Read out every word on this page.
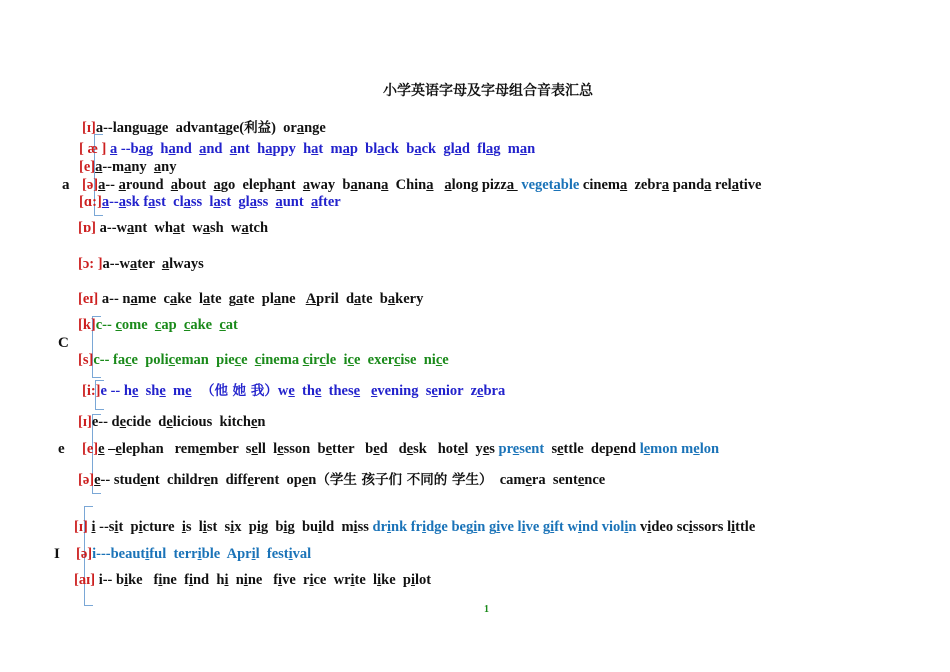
小学英语字母及字母组合音表汇总
a
C
e
I
[ɪ]a--language  advantage(利益)  orange
[ æ ] a --bag  hand  and  ant  happy  hat  map  black  back  glad  flag  man
[e]a--many  any
[ə]a-- around  about  ago  elephant  away  banana  China along pizza  vegetable cinema  zebra panda relative
[ɑ:]a--ask fast  class  last  glass  aunt  after
[ɒ] a--want  what  wash  watch
[ɔ: ]a--water  always
[eɪ] a-- name  cake  late  gate  plane   April  date  bakery
[k]c-- come  cap  cake  cat
[s]c-- face  policeman  piece  cinema circle  ice  exercise  nice
[i:]e -- he  she  me  （他 她 我）we  the  these evening  senior  zebra
[ɪ]e-- decide  delicious  kitchen
[e]e –elephan   remember  sell  lesson  better   bed   desk   hotel  yes present  settle  depend lemon melon
[ə]e-- student  children  different  open（学生 孩子们 不同的 学生）  camera  sentence
[ɪ] i --sit  picture  is  list  six  pig  big  build  miss drink fridge begin give live gift wind violin video scissors little
[ə]i---beautiful  terrible  April  festival
[aɪ] i-- bike   fine  find  hi  nine   five  rice  write  like  pilot
1
